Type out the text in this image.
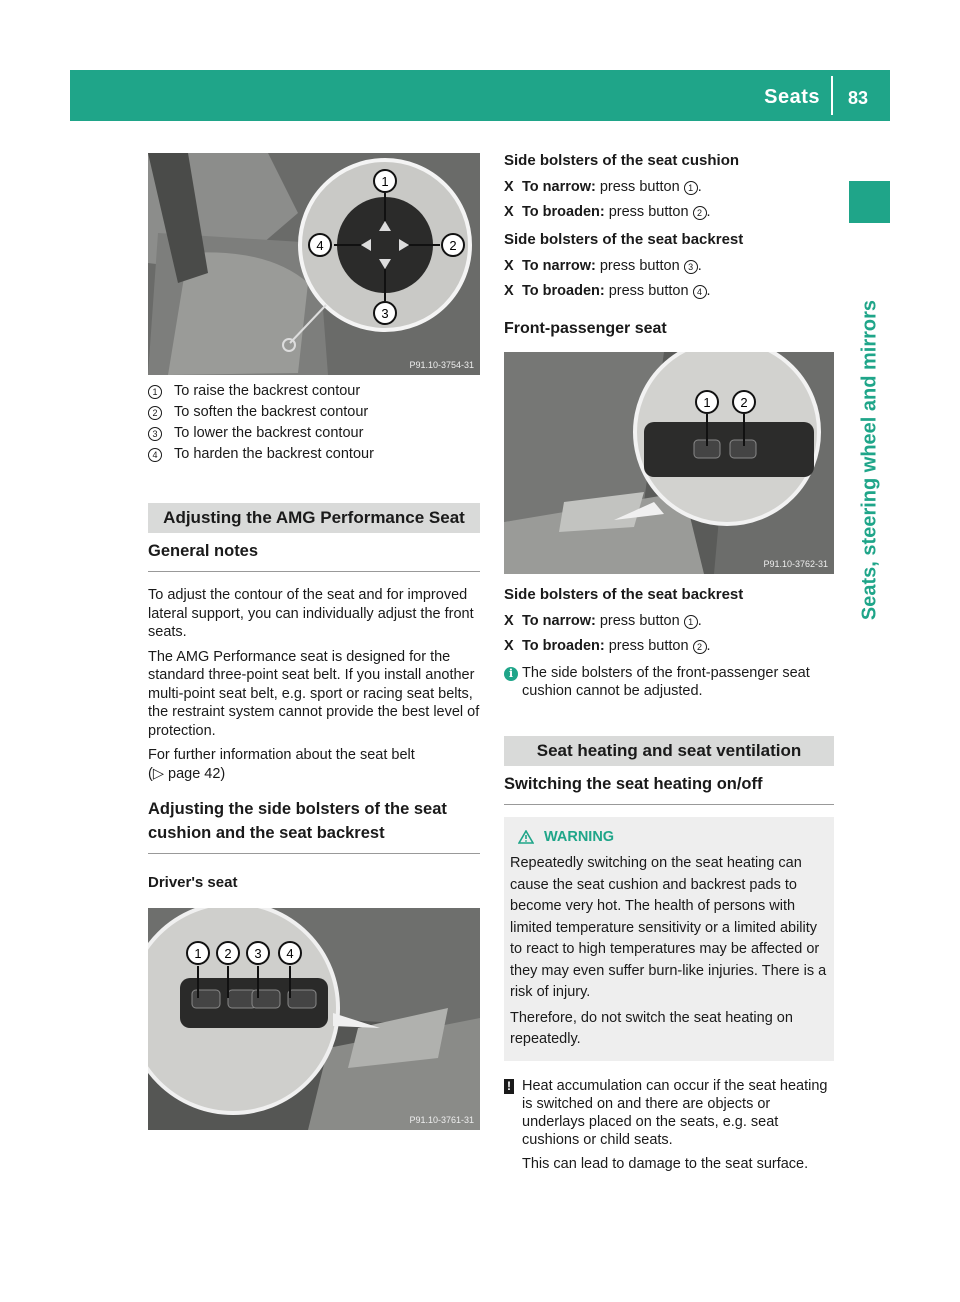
Seats 83
Seats, steering wheel and mirrors
1
2
3
4
P91.10-3754-31
1	To raise the backrest contour
2	To soften the backrest contour
3	To lower the backrest contour
4	To harden the backrest contour
Adjusting the AMG Performance Seat
General notes

To adjust the contour of the seat and for improved lateral support, you can individually adjust the front seats.

The AMG Performance seat is designed for the standard three-point seat belt. If you install another multi-point seat belt, e.g. sport or racing seat belts, the restraint system cannot provide the best level of protection.

For further information about the seat belt
(▷ page 42)

Adjusting the side bolsters of the seat cushion and the seat backrest
Driver's seat
1 2 3 4
P91.10-3761-31
Side bolsters of the seat cushion
X To narrow: press button 1 .
X To broaden: press button 2 .
Side bolsters of the seat backrest
X To narrow: press button 3 .
X To broaden: press button 4 .
Front-passenger seat
1 2
P91.10-3762-31
Side bolsters of the seat backrest
X To narrow: press button 1 .
X To broaden: press button 2 .
i The side bolsters of the front-passenger seat cushion cannot be adjusted.
Seat heating and seat ventilation
Switching the seat heating on/off
WARNING

Repeatedly switching on the seat heating can cause the seat cushion and backrest pads to become very hot. The health of persons with limited temperature sensitivity or a limited ability to react to high temperatures may be affected or they may even suffer burn-like injuries. There is a risk of injury.

Therefore, do not switch the seat heating on repeatedly.

! Heat accumulation can occur if the seat heating is switched on and there are objects or underlays placed on the seats, e.g. seat cushions or child seats.

This can lead to damage to the seat surface.
